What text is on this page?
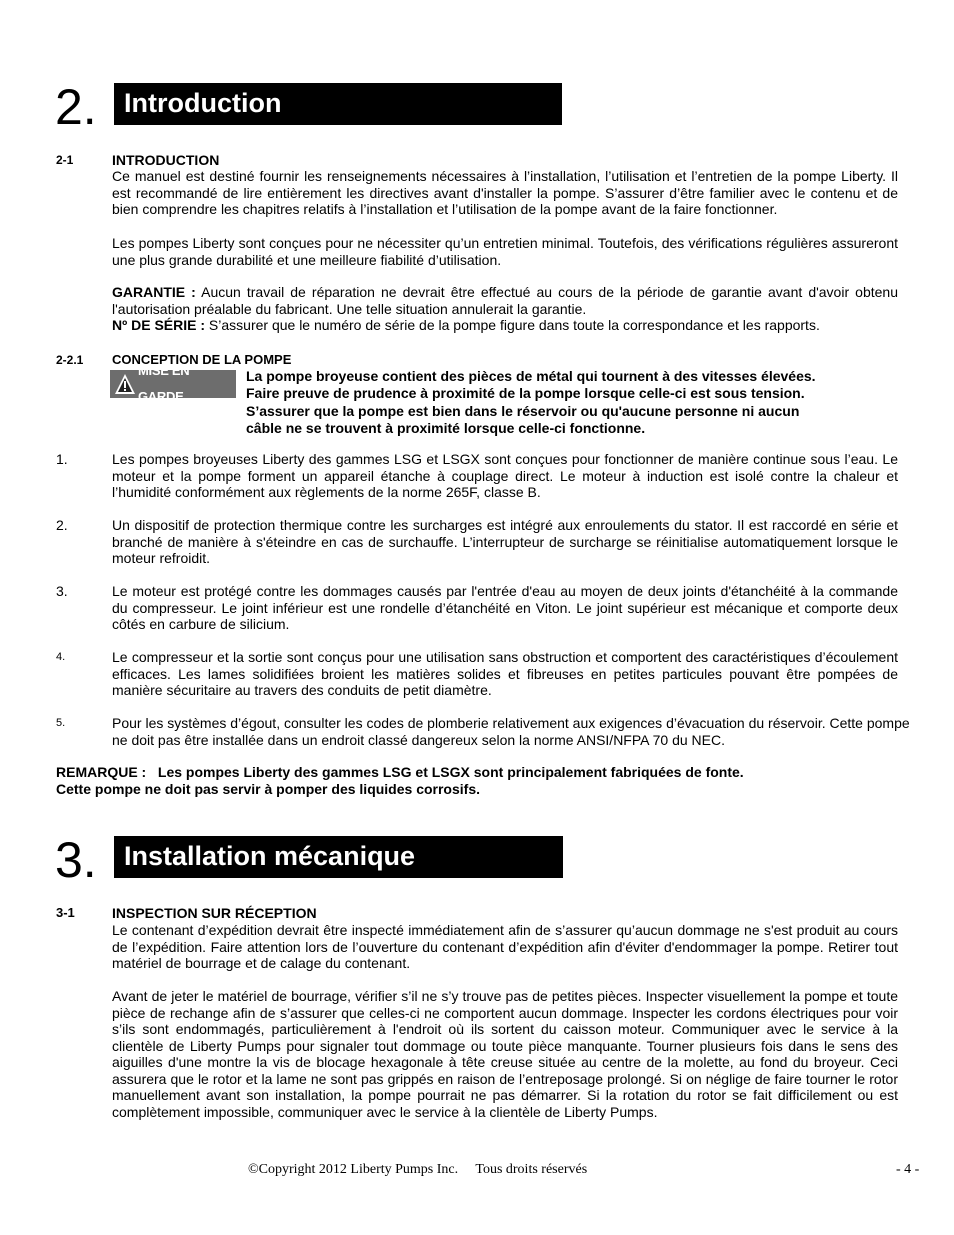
2.	Introduction
2-1	INTRODUCTION
Ce manuel est destiné fournir les renseignements nécessaires à l’installation, l’utilisation et l’entretien de la pompe Liberty. Il est recommandé de lire entièrement les directives avant d'installer la pompe. S’assurer d’être familier avec le contenu et de bien comprendre les chapitres relatifs à l’installation et l’utilisation de la pompe avant de la faire fonctionner.
Les pompes Liberty sont conçues pour ne nécessiter qu’un entretien minimal. Toutefois, des vérifications régulières assureront une plus grande durabilité et une meilleure fiabilité d’utilisation.
GARANTIE : Aucun travail de réparation ne devrait être effectué au cours de la période de garantie avant d'avoir obtenu l'autorisation préalable du fabricant. Une telle situation annulerait la garantie.
Nº DE SÉRIE : S’assurer que le numéro de série de la pompe figure dans toute la correspondance et les rapports.
2-2.1 CONCEPTION DE LA POMPE
MISE EN GARDE
La pompe broyeuse contient des pièces de métal qui tournent à des vitesses élevées.
Faire preuve de prudence à proximité de la pompe lorsque celle-ci est sous tension.
S’assurer que la pompe est bien dans le réservoir ou qu'aucune personne ni aucun
câble ne se trouvent à proximité lorsque celle-ci fonctionne.
1.	Les pompes broyeuses Liberty des gammes LSG et LSGX sont conçues pour fonctionner de manière continue sous l’eau. Le moteur et la pompe forment un appareil étanche à couplage direct. Le moteur à induction est isolé contre la chaleur et l’humidité conformément aux règlements de la norme 265F, classe B.
2.	Un dispositif de protection thermique contre les surcharges est intégré aux enroulements du stator. Il est raccordé en série et branché de manière à s'éteindre en cas de surchauffe. L’interrupteur de surcharge se réinitialise automatiquement lorsque le moteur refroidit.
3.	Le moteur est protégé contre les dommages causés par l'entrée d'eau au moyen de deux joints d'étanchéité à la commande du compresseur. Le joint inférieur est une rondelle d’étanchéité en Viton. Le joint supérieur est mécanique et comporte deux côtés en carbure de silicium.
4.	Le compresseur et la sortie sont conçus pour une utilisation sans obstruction et comportent des caractéristiques d’écoulement efficaces. Les lames solidifiées broient les matières solides et fibreuses en petites particules pouvant être pompées de manière sécuritaire au travers des conduits de petit diamètre.
5.	Pour les systèmes d’égout, consulter les codes de plomberie relativement aux exigences d’évacuation du réservoir. Cette pompe ne doit pas être installée dans un endroit classé dangereux selon la norme ANSI/NFPA 70 du NEC.
REMARQUE :   Les pompes Liberty des gammes LSG et LSGX sont principalement fabriquées de fonte.
Cette pompe ne doit pas servir à pomper des liquides corrosifs.
3.	Installation mécanique
3-1	INSPECTION SUR RÉCEPTION
Le contenant d’expédition devrait être inspecté immédiatement afin de s’assurer qu’aucun dommage ne s'est produit au cours de l’expédition. Faire attention lors de l’ouverture du contenant d’expédition afin d'éviter d'endommager la pompe. Retirer tout matériel de bourrage et de calage du contenant.
Avant de jeter le matériel de bourrage, vérifier s’il ne s’y trouve pas de petites pièces. Inspecter visuellement la pompe et toute pièce de rechange afin de s’assurer que celles-ci ne comportent aucun dommage. Inspecter les cordons électriques pour voir s’ils sont endommagés, particulièrement à l'endroit où ils sortent du caisson moteur. Communiquer avec le service à la clientèle de Liberty Pumps pour signaler tout dommage ou toute pièce manquante. Tourner plusieurs fois dans le sens des aiguilles d'une montre la vis de blocage hexagonale à tête creuse située au centre de la molette, au fond du broyeur. Ceci assurera que le rotor et la lame ne sont pas grippés en raison de l’entreposage prolongé. Si on néglige de faire tourner le rotor manuellement avant son installation, la pompe pourrait ne pas démarrer. Si la rotation du rotor se fait difficilement ou est complètement impossible, communiquer avec le service à la clientèle de Liberty Pumps.
©Copyright 2012 Liberty Pumps Inc.     Tous droits réservés	- 4 -
